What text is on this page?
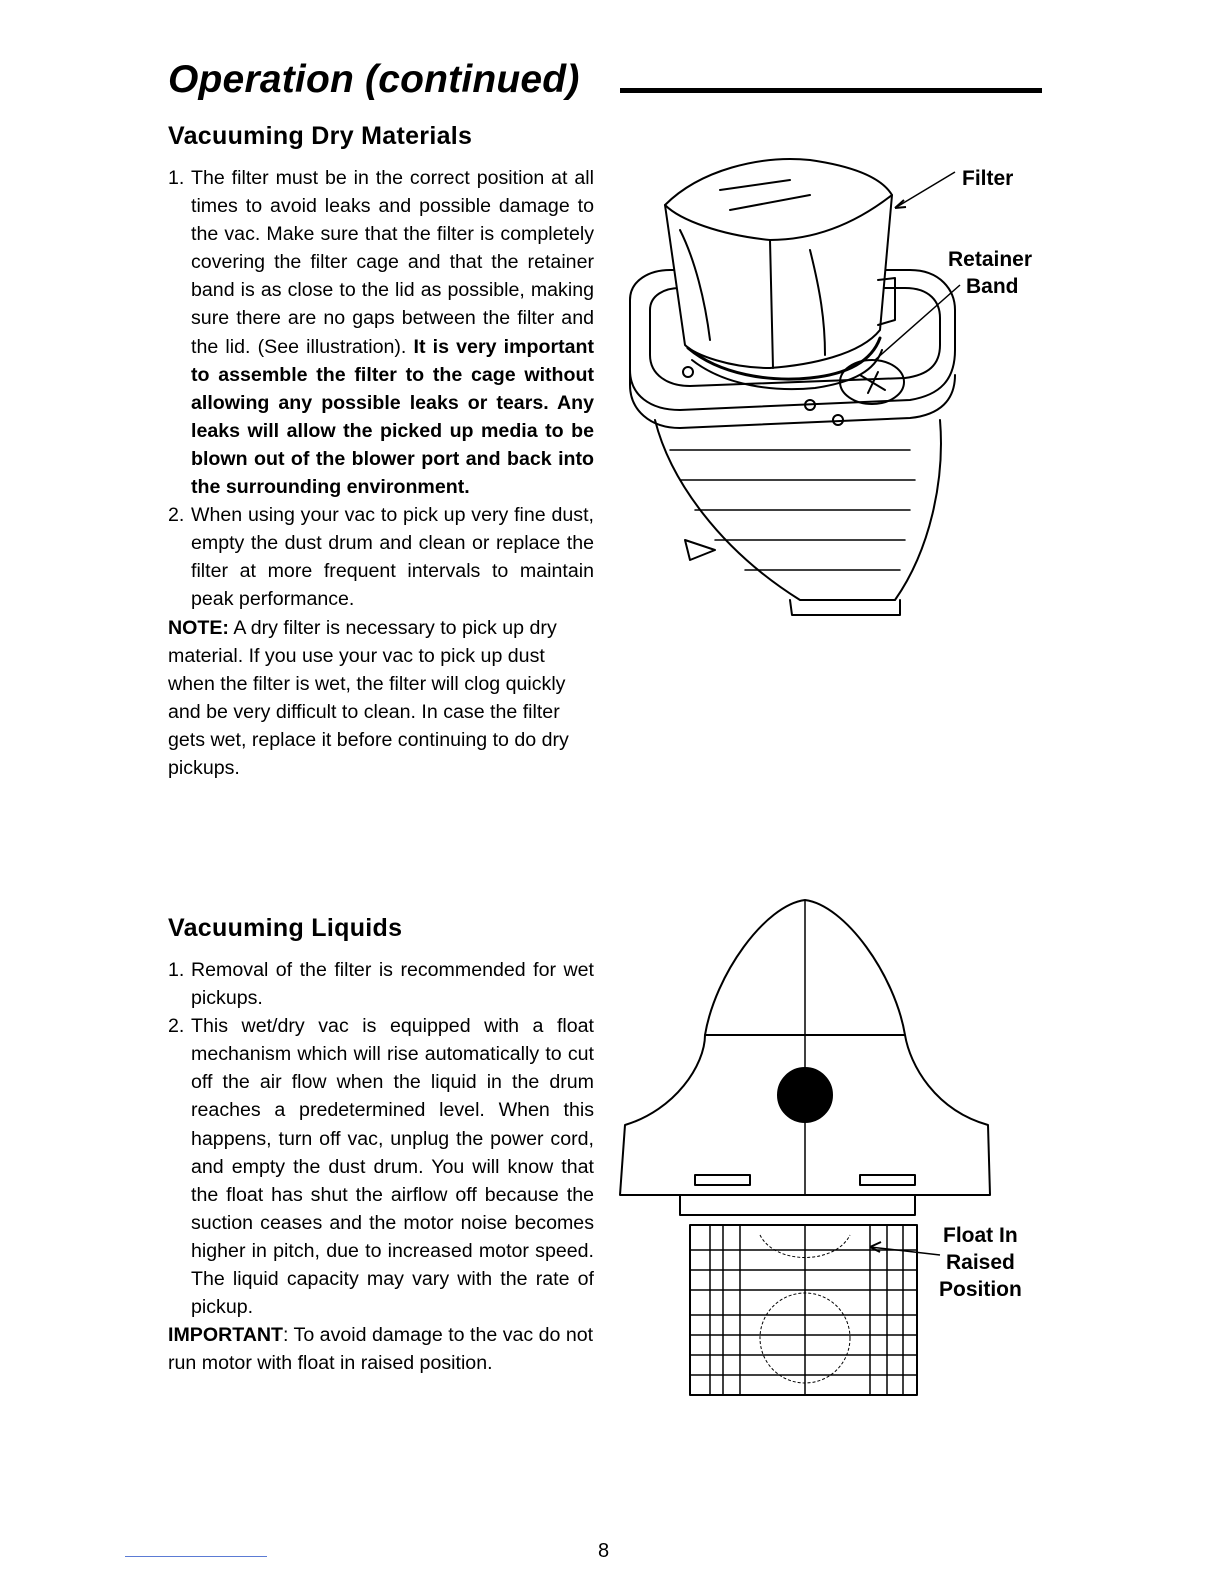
Operation (continued)
Vacuuming Dry Materials
1. The filter must be in the correct position at all times to avoid leaks and possible damage to the vac. Make sure that the filter is completely covering the filter cage and that the retainer band is as close to the lid as possible, making sure there are no gaps between the filter and the lid. (See illustration). It is very important to assemble the filter to the cage without allowing any possible leaks or tears. Any leaks will allow the picked up media to be blown out of the blower port and back into the surrounding environment.
2. When using your vac to pick up very fine dust, empty the dust drum and clean or replace the filter at more frequent intervals to maintain peak performance.

NOTE: A dry filter is necessary to pick up dry material. If you use your vac to pick up dust when the filter is wet, the filter will clog quickly and be very difficult to clean. In case the filter gets wet, replace it before continuing to do dry pickups.

Vacuuming Liquids
1. Removal of the filter is recommended for wet pickups.
2. This wet/dry vac is equipped with a float mechanism which will rise automatically to cut off the air flow when the liquid in the drum reaches a predetermined level. When this happens, turn off vac, unplug the power cord, and empty the dust drum. You will know that the float has shut the airflow off because the suction ceases and the motor noise becomes higher in pitch, due to increased motor speed. The liquid capacity may vary with the rate of pickup.

IMPORTANT: To avoid damage to the vac do not run motor with float in raised position.

Filter
Retainer
Band
Float In
Raised
Position
8
